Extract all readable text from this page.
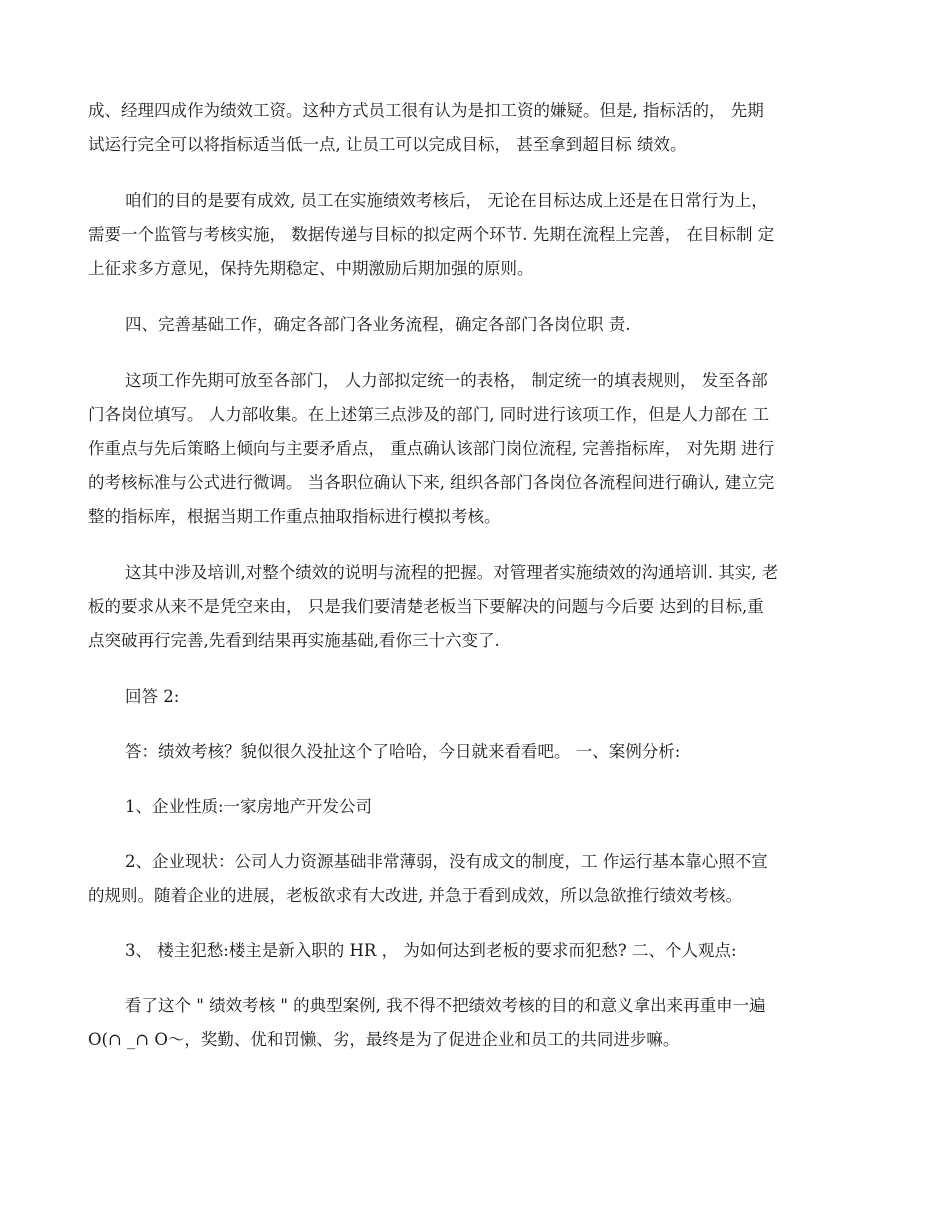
成、经理四成作为绩效工资。这种方式员工很有认为是扣工资的嫌疑。但是, 指标活的， 先期
试运行完全可以将指标适当低一点, 让员工可以完成目标， 甚至拿到超目标 绩效。

咱们的目的是要有成效, 员工在实施绩效考核后， 无论在目标达成上还是在日常行为上，
需要一个监管与考核实施， 数据传递与目标的拟定两个环节. 先期在流程上完善， 在目标制 定
上征求多方意见，保持先期稳定、中期激励后期加强的原则。

四、完善基础工作，确定各部门各业务流程，确定各部门各岗位职 责.

这项工作先期可放至各部门， 人力部拟定统一的表格， 制定统一的填表规则， 发至各部
门各岗位填写。 人力部收集。在上述第三点涉及的部门, 同时进行该项工作，但是人力部在 工
作重点与先后策略上倾向与主要矛盾点， 重点确认该部门岗位流程, 完善指标库， 对先期 进行
的考核标准与公式进行微调。 当各职位确认下来, 组织各部门各岗位各流程间进行确认, 建立完
整的指标库，根据当期工作重点抽取指标进行模拟考核。

这其中涉及培训,对整个绩效的说明与流程的把握。对管理者实施绩效的沟通培训. 其实, 老
板的要求从来不是凭空来由， 只是我们要清楚老板当下要解决的问题与今后要 达到的目标,重
点突破再行完善,先看到结果再实施基础,看你三十六变了.

回答 2:

答：绩效考核？貌似很久没扯这个了哈哈，今日就来看看吧。 一、案例分析:

1、企业性质:一家房地产开发公司

2、企业现状：公司人力资源基础非常薄弱，没有成文的制度，工 作运行基本靠心照不宣
的规则。随着企业的进展，老板欲求有大改进, 并急于看到成效，所以急欲推行绩效考核。

3、 楼主犯愁:楼主是新入职的 HR ， 为如何达到老板的要求而犯愁? 二、个人观点:

看了这个 " 绩效考核 " 的典型案例, 我不得不把绩效考核的目的和意义拿出来再重申一遍
O(∩ _∩ O～，奖勤、优和罚懒、劣，最终是为了促进企业和员工的共同进步嘛。
